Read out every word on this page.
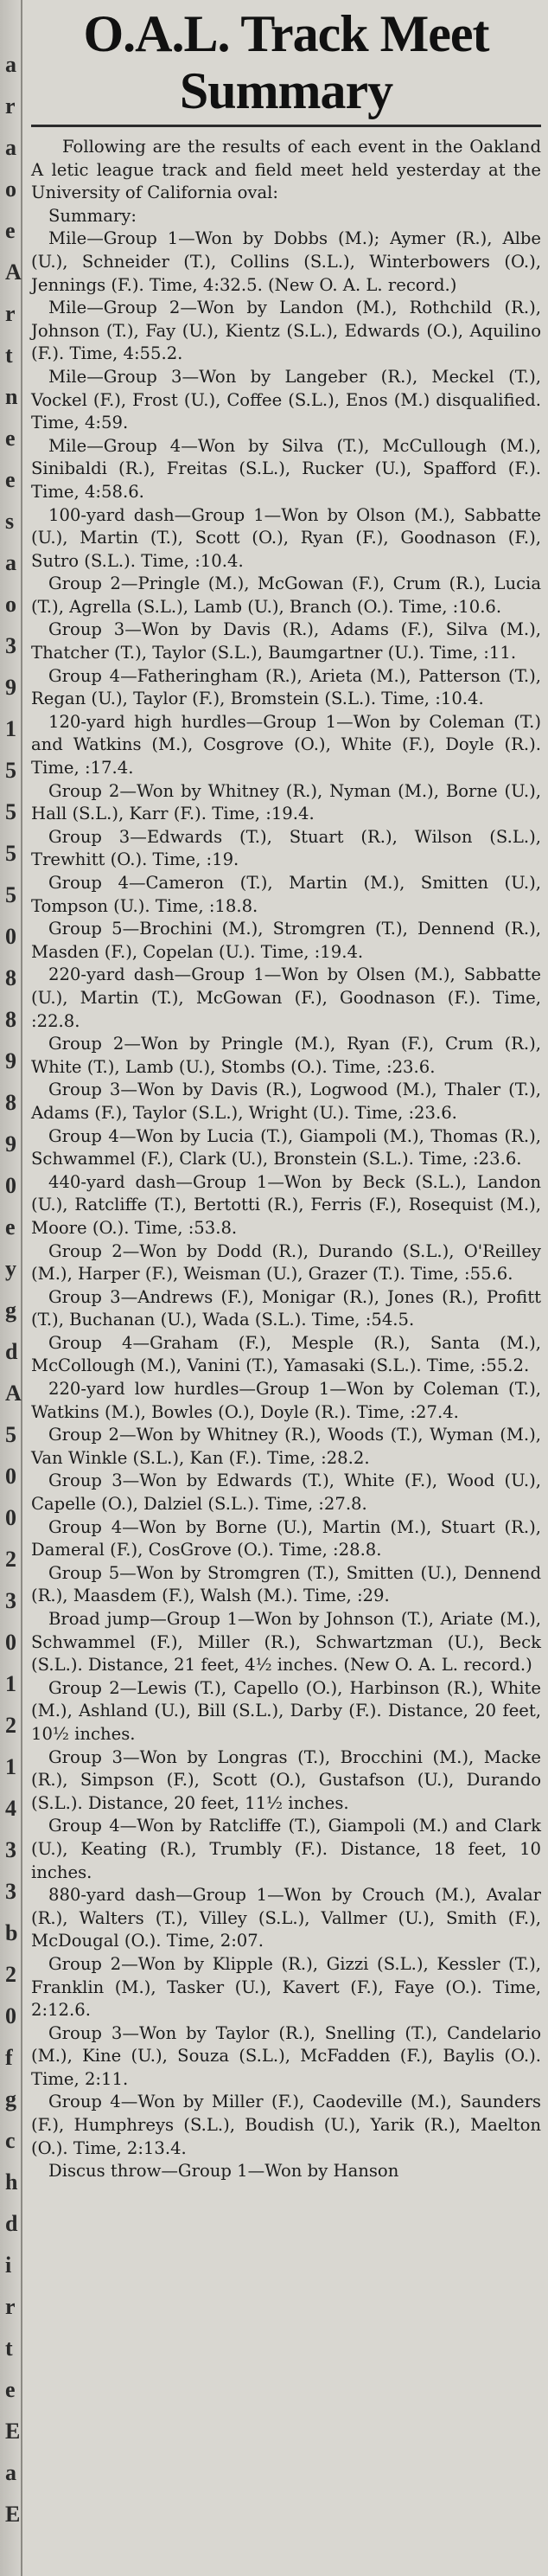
a
r
a
o
e
A
r
t
n
e
e
s
a
o
3
9
1
5
5
5
5
0
8
8
9
8
9
0
e
y
g
d
A
5
0
0
2
3
0
1
2
1
4
3
3
b
2
0
f
g
c
h
d
i
r
t
e
E
a
E
O.A.L. Track Meet Summary

Following are the results of each event in the Oakland A letic league track and field meet held yesterday at the University of California oval:

Summary:

Mile—Group 1—Won by Dobbs (M.); Aymer (R.), Albe (U.), Schneider (T.), Collins (S.L.), Winterbowers (O.), Jennings (F.). Time, 4:32.5. (New O. A. L. record.)

Mile—Group 2—Won by Landon (M.), Rothchild (R.), Johnson (T.), Fay (U.), Kientz (S.L.), Edwards (O.), Aquilino (F.). Time, 4:55.2.

Mile—Group 3—Won by Langeber (R.), Meckel (T.), Vockel (F.), Frost (U.), Coffee (S.L.), Enos (M.) disqualified. Time, 4:59.

Mile—Group 4—Won by Silva (T.), McCullough (M.), Sinibaldi (R.), Freitas (S.L.), Rucker (U.), Spafford (F.). Time, 4:58.6.

100-yard dash—Group 1—Won by Olson (M.), Sabbatte (U.), Martin (T.), Scott (O.), Ryan (F.), Goodnason (F.), Sutro (S.L.). Time, :10.4.

Group 2—Pringle (M.), McGowan (F.), Crum (R.), Lucia (T.), Agrella (S.L.), Lamb (U.), Branch (O.). Time, :10.6.

Group 3—Won by Davis (R.), Adams (F.), Silva (M.), Thatcher (T.), Taylor (S.L.), Baumgartner (U.). Time, :11.

Group 4—Fatheringham (R.), Arieta (M.), Patterson (T.), Regan (U.), Taylor (F.), Bromstein (S.L.). Time, :10.4.

120-yard high hurdles—Group 1—Won by Coleman (T.) and Watkins (M.), Cosgrove (O.), White (F.), Doyle (R.). Time, :17.4.

Group 2—Won by Whitney (R.), Nyman (M.), Borne (U.), Hall (S.L.), Karr (F.). Time, :19.4.

Group 3—Edwards (T.), Stuart (R.), Wilson (S.L.), Trewhitt (O.). Time, :19.

Group 4—Cameron (T.), Martin (M.), Smitten (U.), Tompson (U.). Time, :18.8.

Group 5—Brochini (M.), Stromgren (T.), Dennend (R.), Masden (F.), Copelan (U.). Time, :19.4.

220-yard dash—Group 1—Won by Olsen (M.), Sabbatte (U.), Martin (T.), McGowan (F.), Goodnason (F.). Time, :22.8.

Group 2—Won by Pringle (M.), Ryan (F.), Crum (R.), White (T.), Lamb (U.), Stombs (O.). Time, :23.6.

Group 3—Won by Davis (R.), Logwood (M.), Thaler (T.), Adams (F.), Taylor (S.L.), Wright (U.). Time, :23.6.

Group 4—Won by Lucia (T.), Giampoli (M.), Thomas (R.), Schwammel (F.), Clark (U.), Bronstein (S.L.). Time, :23.6.

440-yard dash—Group 1—Won by Beck (S.L.), Landon (U.), Ratcliffe (T.), Bertotti (R.), Ferris (F.), Rosequist (M.), Moore (O.). Time, :53.8.

Group 2—Won by Dodd (R.), Durando (S.L.), O'Reilley (M.), Harper (F.), Weisman (U.), Grazer (T.). Time, :55.6.

Group 3—Andrews (F.), Monigar (R.), Jones (R.), Profitt (T.), Buchanan (U.), Wada (S.L.). Time, :54.5.

Group 4—Graham (F.), Mesple (R.), Santa (M.), McCollough (M.), Vanini (T.), Yamasaki (S.L.). Time, :55.2.

220-yard low hurdles—Group 1—Won by Coleman (T.), Watkins (M.), Bowles (O.), Doyle (R.). Time, :27.4.

Group 2—Won by Whitney (R.), Woods (T.), Wyman (M.), Van Winkle (S.L.), Kan (F.). Time, :28.2.

Group 3—Won by Edwards (T.), White (F.), Wood (U.), Capelle (O.), Dalziel (S.L.). Time, :27.8.

Group 4—Won by Borne (U.), Martin (M.), Stuart (R.), Dameral (F.), CosGrove (O.). Time, :28.8.

Group 5—Won by Stromgren (T.), Smitten (U.), Dennend (R.), Maasdem (F.), Walsh (M.). Time, :29.

Broad jump—Group 1—Won by Johnson (T.), Ariate (M.), Schwammel (F.), Miller (R.), Schwartzman (U.), Beck (S.L.). Distance, 21 feet, 4½ inches. (New O. A. L. record.)

Group 2—Lewis (T.), Capello (O.), Harbinson (R.), White (M.), Ashland (U.), Bill (S.L.), Darby (F.). Distance, 20 feet, 10½ inches.

Group 3—Won by Longras (T.), Brocchini (M.), Macke (R.), Simpson (F.), Scott (O.), Gustafson (U.), Durando (S.L.). Distance, 20 feet, 11½ inches.

Group 4—Won by Ratcliffe (T.), Giampoli (M.) and Clark (U.), Keating (R.), Trumbly (F.). Distance, 18 feet, 10 inches.

880-yard dash—Group 1—Won by Crouch (M.), Avalar (R.), Walters (T.), Villey (S.L.), Vallmer (U.), Smith (F.), McDougal (O.). Time, 2:07.

Group 2—Won by Klipple (R.), Gizzi (S.L.), Kessler (T.), Franklin (M.), Tasker (U.), Kavert (F.), Faye (O.). Time, 2:12.6.

Group 3—Won by Taylor (R.), Snelling (T.), Candelario (M.), Kine (U.), Souza (S.L.), McFadden (F.), Baylis (O.). Time, 2:11.

Group 4—Won by Miller (F.), Caodeville (M.), Saunders (F.), Humphreys (S.L.), Boudish (U.), Yarik (R.), Maelton (O.). Time, 2:13.4.

Discus throw—Group 1—Won by Hanson
